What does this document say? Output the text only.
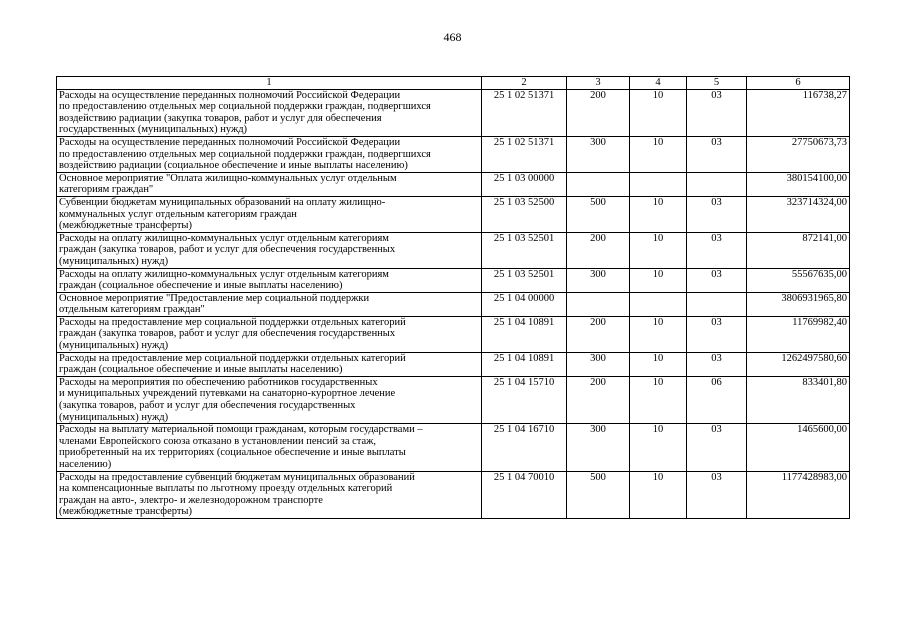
468
1	2	3	4	5	6
Расходы на осуществление переданных полномочий Российской Федерации
по предоставлению отдельных мер социальной поддержки граждан, подвергшихся
воздействию радиации (закупка товаров, работ и услуг для обеспечения
государственных (муниципальных) нужд)	25 1 02 51371	200	10	03	116738,27
Расходы на осуществление переданных полномочий Российской Федерации
по предоставлению отдельных мер социальной поддержки граждан, подвергшихся
воздействию радиации (социальное обеспечение и иные выплаты населению)	25 1 02 51371	300	10	03	27750673,73
Основное мероприятие "Оплата жилищно-коммунальных услуг отдельным
категориям граждан"	25 1 03 00000				380154100,00
Субвенции бюджетам муниципальных образований на оплату жилищно-
коммунальных услуг отдельным категориям граждан
(межбюджетные трансферты)	25 1 03 52500	500	10	03	323714324,00
Расходы на оплату жилищно-коммунальных услуг отдельным категориям
граждан (закупка товаров, работ и услуг для обеспечения государственных
(муниципальных) нужд)	25 1 03 52501	200	10	03	872141,00
Расходы на оплату жилищно-коммунальных услуг отдельным категориям
граждан (социальное обеспечение и иные выплаты населению)	25 1 03 52501	300	10	03	55567635,00
Основное мероприятие "Предоставление мер социальной поддержки
отдельным категориям граждан"	25 1 04 00000				3806931965,80
Расходы на предоставление мер социальной поддержки отдельных категорий
граждан (закупка товаров, работ и услуг для обеспечения государственных
(муниципальных) нужд)	25 1 04 10891	200	10	03	11769982,40
Расходы на предоставление мер социальной поддержки отдельных категорий
граждан (социальное обеспечение и иные выплаты населению)	25 1 04 10891	300	10	03	1262497580,60
Расходы на мероприятия по обеспечению работников государственных
и муниципальных учреждений путевками на санаторно-курортное лечение
(закупка товаров, работ и услуг для обеспечения государственных
(муниципальных) нужд)	25 1 04 15710	200	10	06	833401,80
Расходы на выплату материальной помощи гражданам, которым государствами –
членами Европейского союза отказано в установлении пенсий за стаж,
приобретенный на их территориях (социальное обеспечение и иные выплаты
населению)	25 1 04 16710	300	10	03	1465600,00
Расходы на предоставление субвенций бюджетам муниципальных образований
на компенсационные выплаты по льготному проезду отдельных категорий
граждан на авто-, электро- и железнодорожном транспорте
(межбюджетные трансферты)	25 1 04 70010	500	10	03	1177428983,00
